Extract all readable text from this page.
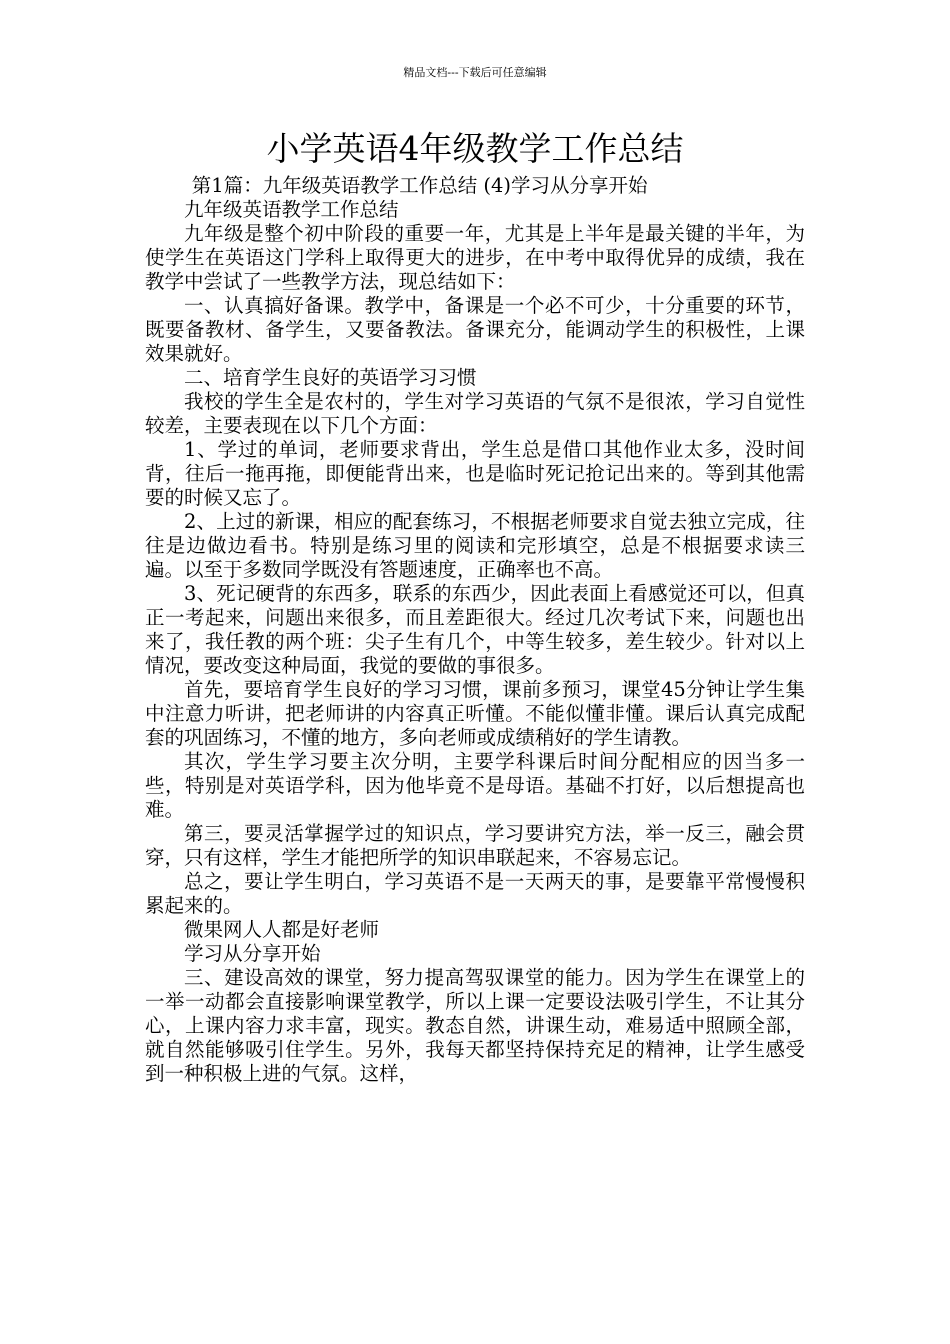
精品文档---下载后可任意编辑
小学英语4年级教学工作总结

第1篇：九年级英语教学工作总结 (4)学习从分享开始

九年级英语教学工作总结

九年级是整个初中阶段的重要一年，尤其是上半年是最关键的半年，为使学生在英语这门学科上取得更大的进步，在中考中取得优异的成绩，我在教学中尝试了一些教学方法，现总结如下：

一、认真搞好备课。教学中，备课是一个必不可少，十分重要的环节，既要备教材、备学生，又要备教法。备课充分，能调动学生的积极性，上课效果就好。

二、培育学生良好的英语学习习惯

我校的学生全是农村的，学生对学习英语的气氛不是很浓，学习自觉性较差，主要表现在以下几个方面：

1、学过的单词，老师要求背出，学生总是借口其他作业太多，没时间背，往后一拖再拖，即便能背出来，也是临时死记抢记出来的。等到其他需要的时候又忘了。

2、上过的新课，相应的配套练习，不根据老师要求自觉去独立完成，往往是边做边看书。特别是练习里的阅读和完形填空，总是不根据要求读三遍。以至于多数同学既没有答题速度，正确率也不高。

3、死记硬背的东西多，联系的东西少，因此表面上看感觉还可以，但真正一考起来，问题出来很多，而且差距很大。经过几次考试下来，问题也出来了，我任教的两个班：尖子生有几个，中等生较多，差生较少。针对以上情况，要改变这种局面，我觉的要做的事很多。

首先，要培育学生良好的学习习惯，课前多预习，课堂45分钟让学生集中注意力听讲，把老师讲的内容真正听懂。不能似懂非懂。课后认真完成配套的巩固练习，不懂的地方，多向老师或成绩稍好的学生请教。

其次，学生学习要主次分明，主要学科课后时间分配相应的因当多一些，特别是对英语学科，因为他毕竟不是母语。基础不打好，以后想提高也难。

第三，要灵活掌握学过的知识点，学习要讲究方法，举一反三，融会贯穿，只有这样，学生才能把所学的知识串联起来，不容易忘记。

总之，要让学生明白，学习英语不是一天两天的事，是要靠平常慢慢积累起来的。

微果网人人都是好老师

学习从分享开始

三、建设高效的课堂，努力提高驾驭课堂的能力。因为学生在课堂上的一举一动都会直接影响课堂教学，所以上课一定要设法吸引学生，不让其分心，上课内容力求丰富，现实。教态自然，讲课生动，难易适中照顾全部，就自然能够吸引住学生。另外，我每天都坚持保持充足的精神，让学生感受到一种积极上进的气氛。这样，
